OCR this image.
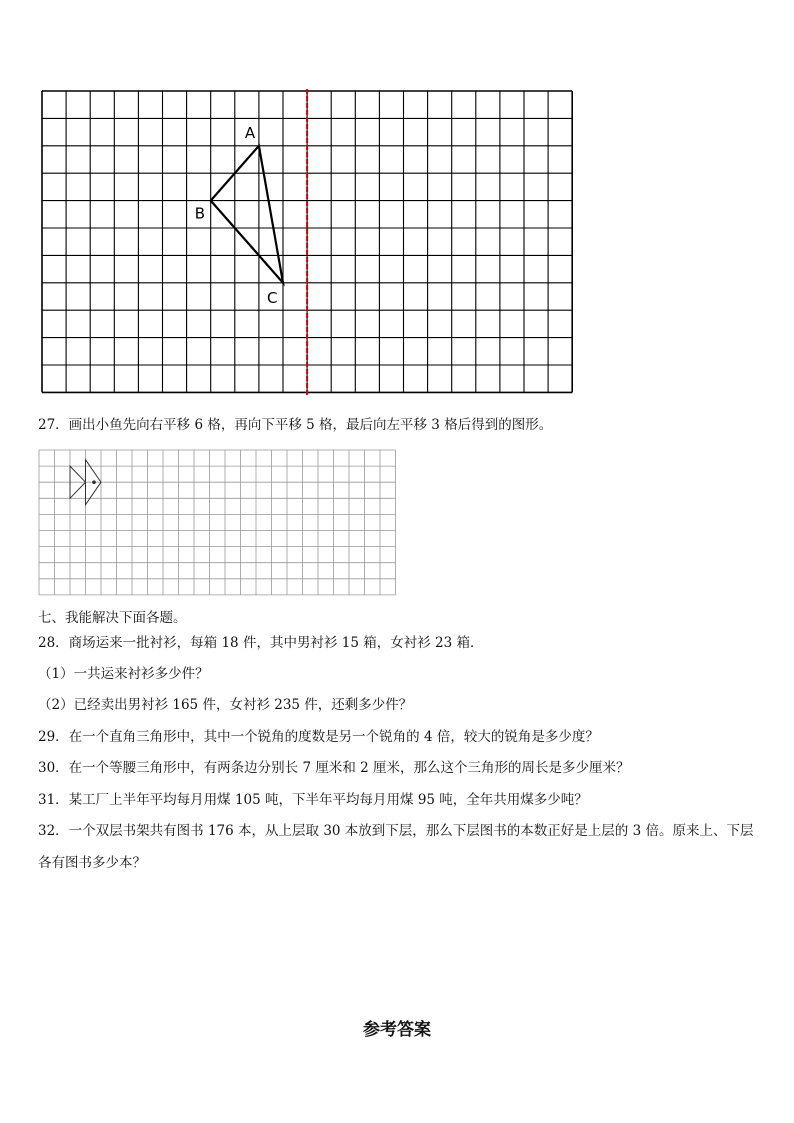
A
B
C
27．画出小鱼先向右平移 6 格，再向下平移 5 格，最后向左平移 3 格后得到的图形。
七、我能解决下面各题。
28．商场运来一批衬衫，每箱 18 件，其中男衬衫 15 箱，女衬衫 23 箱．
（1）一共运来衬衫多少件？
（2）已经卖出男衬衫 165 件，女衬衫 235 件，还剩多少件？
29．在一个直角三角形中，其中一个锐角的度数是另一个锐角的 4 倍，较大的锐角是多少度？
30．在一个等腰三角形中，有两条边分别长 7 厘米和 2 厘米，那么这个三角形的周长是多少厘米？
31．某工厂上半年平均每月用煤 105 吨，下半年平均每月用煤 95 吨，全年共用煤多少吨？
32．一个双层书架共有图书 176 本，从上层取 30 本放到下层，那么下层图书的本数正好是上层的 3 倍。原来上、下层
各有图书多少本？
参考答案
